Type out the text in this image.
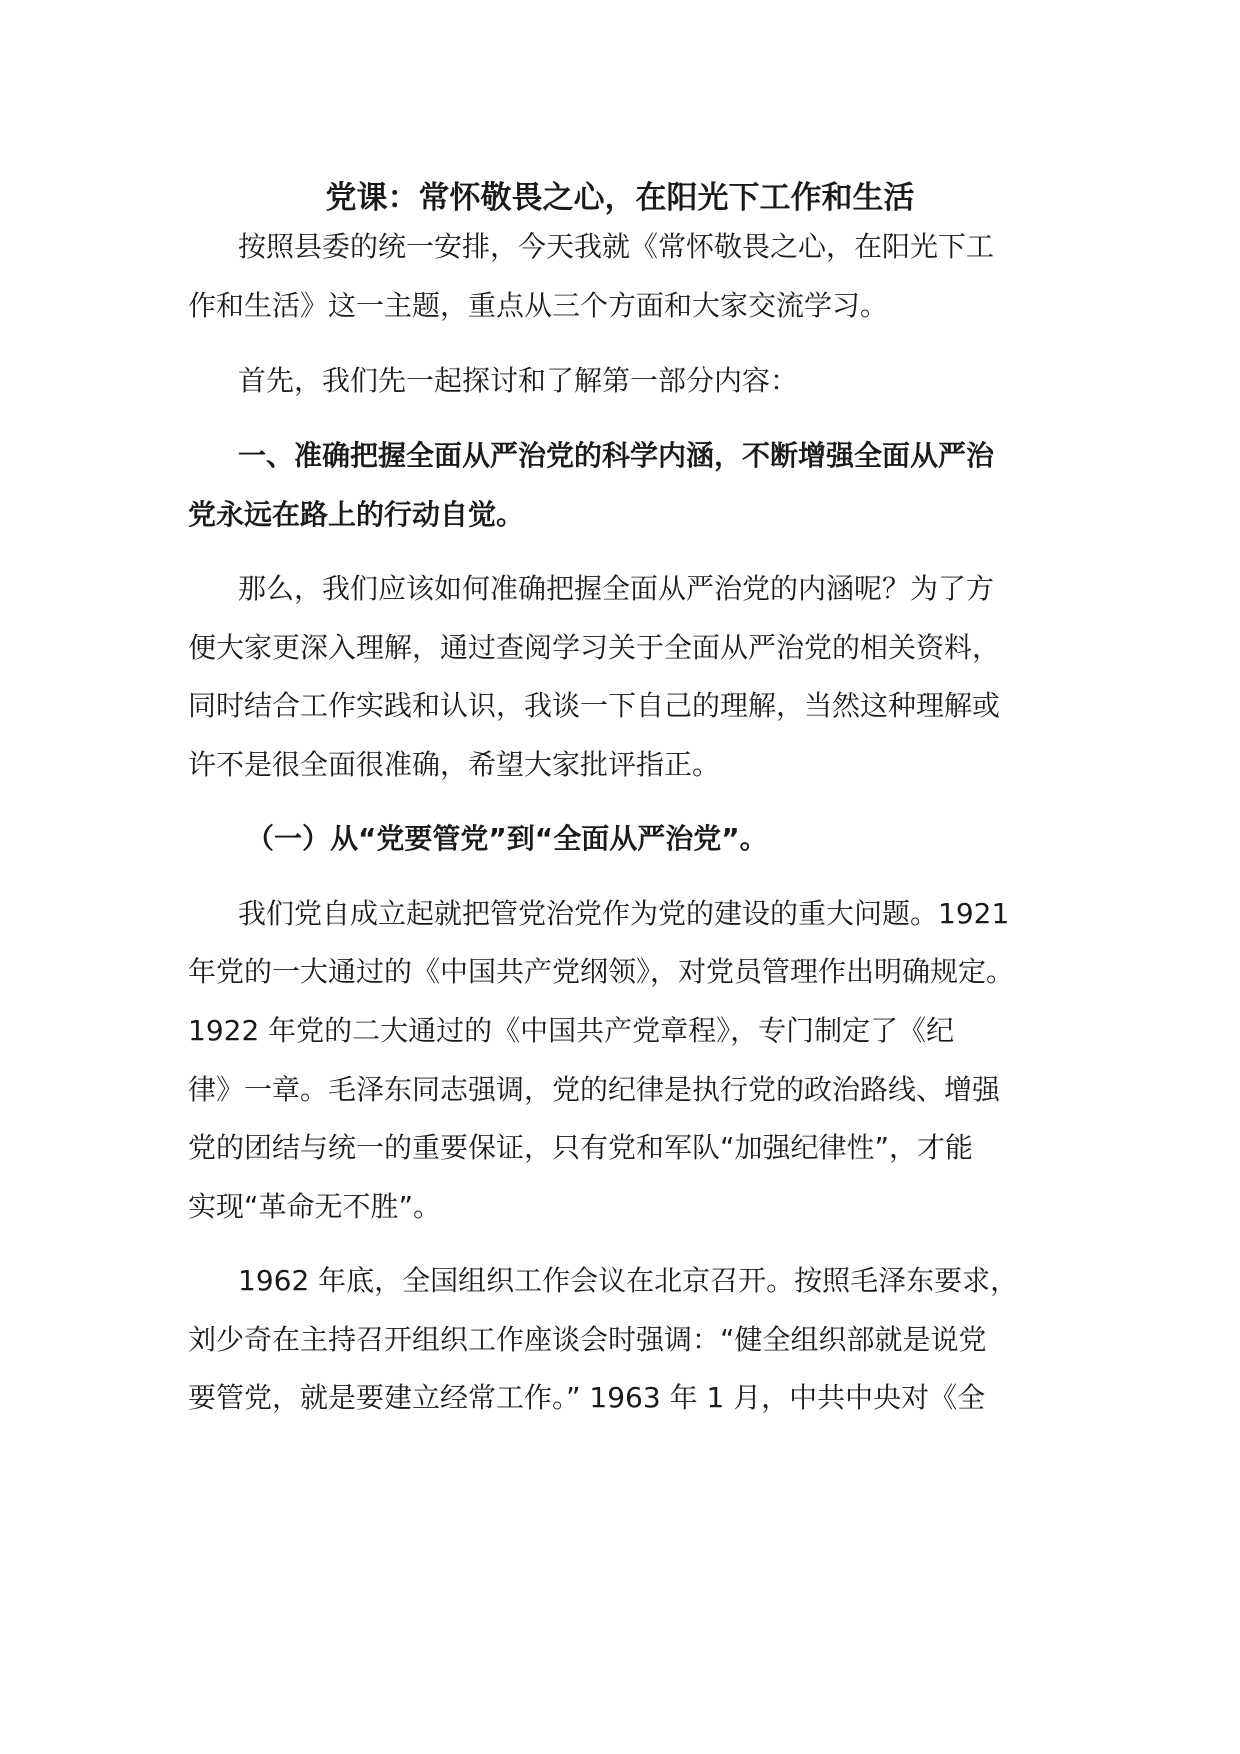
党课：常怀敬畏之心，在阳光下工作和生活
按照县委的统一安排，今天我就《常怀敬畏之心，在阳光下工
作和生活》这一主题，重点从三个方面和大家交流学习。
首先，我们先一起探讨和了解第一部分内容：
一、准确把握全面从严治党的科学内涵，不断增强全面从严治
党永远在路上的行动自觉。
那么，我们应该如何准确把握全面从严治党的内涵呢？为了方
便大家更深入理解，通过查阅学习关于全面从严治党的相关资料，
同时结合工作实践和认识，我谈一下自己的理解，当然这种理解或
许不是很全面很准确，希望大家批评指正。
（一）从“党要管党”到“全面从严治党”。
我们党自成立起就把管党治党作为党的建设的重大问题。1921
年党的一大通过的《中国共产党纲领》，对党员管理作出明确规定。
1922 年党的二大通过的《中国共产党章程》，专门制定了《纪
律》一章。毛泽东同志强调，党的纪律是执行党的政治路线、增强
党的团结与统一的重要保证，只有党和军队“加强纪律性”，才能
实现“革命无不胜”。
1962 年底，全国组织工作会议在北京召开。按照毛泽东要求，
刘少奇在主持召开组织工作座谈会时强调：“健全组织部就是说党
要管党，就是要建立经常工作。” 1963 年 1 月，中共中央对《全
